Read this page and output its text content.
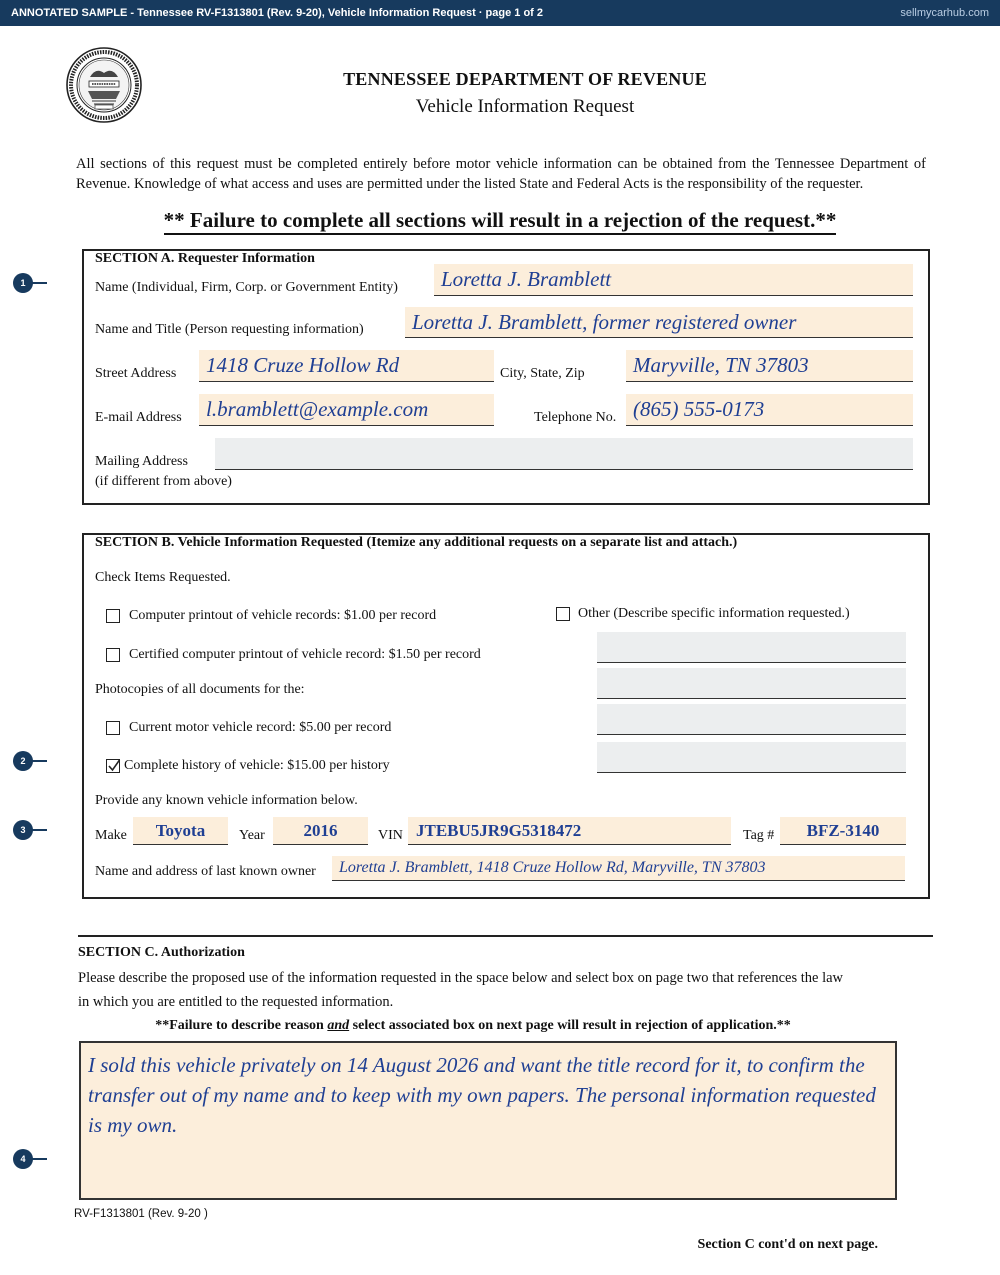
ANNOTATED SAMPLE - Tennessee RV-F1313801 (Rev. 9-20), Vehicle Information Request · page 1 of 2	sellmycarhub.com
TENNESSEE DEPARTMENT OF REVENUE
Vehicle Information Request
All sections of this request must be completed entirely before motor vehicle information can be obtained from the Tennessee Department of Revenue. Knowledge of what access and uses are permitted under the listed State and Federal Acts is the responsibility of the requester.
** Failure to complete all sections will result in a rejection of the request.**
SECTION A. Requester Information
Name (Individual, Firm, Corp. or Government Entity)	Loretta J. Bramblett
Name and Title (Person requesting information)	Loretta J. Bramblett, former registered owner
Street Address	1418 Cruze Hollow Rd	City, State, Zip	Maryville, TN 37803
E-mail Address	l.bramblett@example.com	Telephone No. (865) 555-0173
Mailing Address
(if different from above)
SECTION B. Vehicle Information Requested (Itemize any additional requests on a separate list and attach.)
Check Items Requested.
Computer printout of vehicle records: $1.00 per record	Other (Describe specific information requested.)
Certified computer printout of vehicle record: $1.50 per record
Photocopies of all documents for the:
Current motor vehicle record: $5.00 per record
Complete history of vehicle: $15.00 per history
Provide any known vehicle information below.
Make	Toyota	Year	2016	VIN JTEBU5JR9G5318472	Tag #	BFZ-3140
Name and address of last known owner	Loretta J. Bramblett, 1418 Cruze Hollow Rd, Maryville, TN 37803
SECTION C. Authorization
Please describe the proposed use of the information requested in the space below and select box on page two that references the law
in which you are entitled to the requested information.
**Failure to describe reason and select associated box on next page will result in rejection of application.**
I sold this vehicle privately on 14 August 2026 and want the title record for it, to confirm the transfer out of my name and to keep with my own papers. The personal information requested is my own.
1
2
3
4
RV-F1313801 (Rev. 9-20 )
Section C cont'd on next page.
